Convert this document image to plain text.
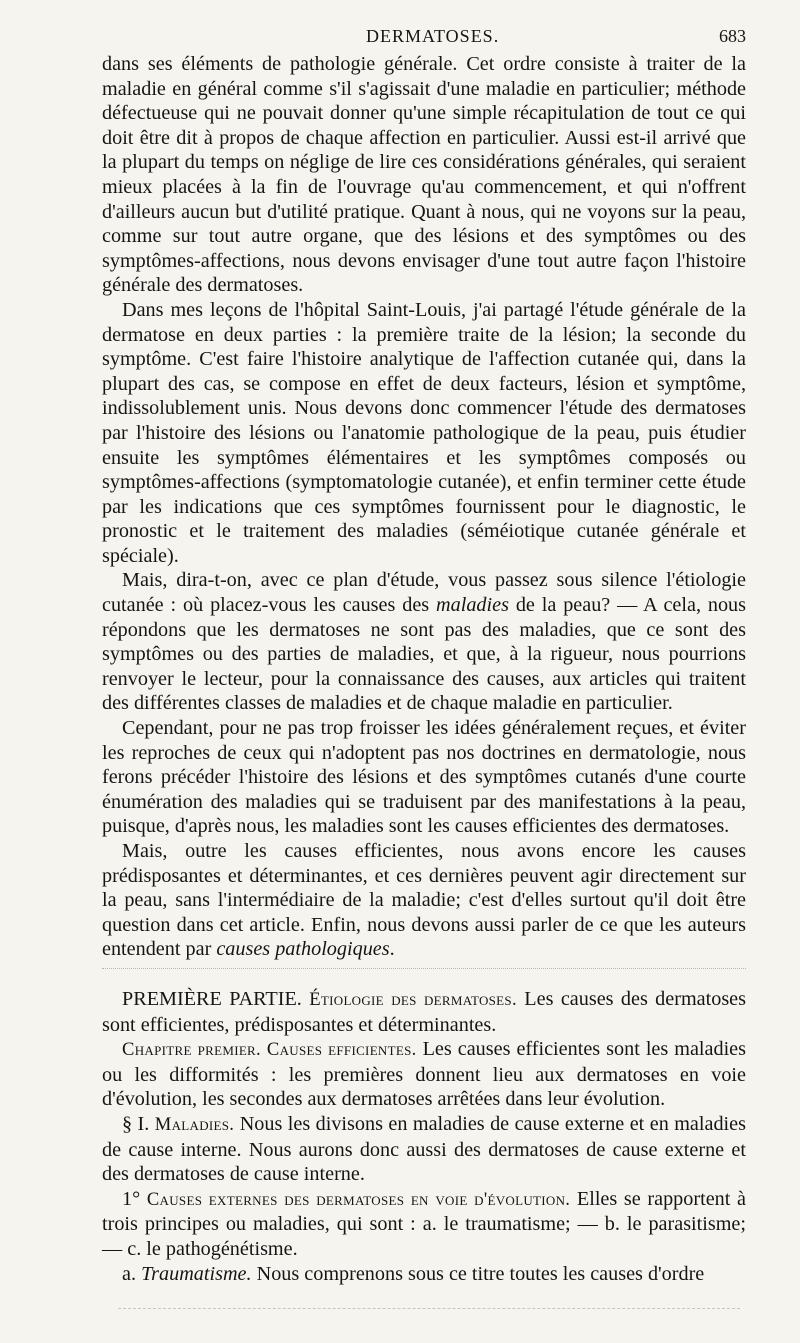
DERMATOSES.	683

dans ses éléments de pathologie générale. Cet ordre consiste à traiter de la maladie en général comme s'il s'agissait d'une maladie en particulier; méthode défectueuse qui ne pouvait donner qu'une simple récapitulation de tout ce qui doit être dit à propos de chaque affection en particulier. Aussi est-il arrivé que la plupart du temps on néglige de lire ces considérations générales, qui seraient mieux placées à la fin de l'ouvrage qu'au commencement, et qui n'offrent d'ailleurs aucun but d'utilité pratique. Quant à nous, qui ne voyons sur la peau, comme sur tout autre organe, que des lésions et des symptômes ou des symptômes-affections, nous devons envisager d'une tout autre façon l'histoire générale des dermatoses.

Dans mes leçons de l'hôpital Saint-Louis, j'ai partagé l'étude générale de la dermatose en deux parties : la première traite de la lésion; la seconde du symptôme. C'est faire l'histoire analytique de l'affection cutanée qui, dans la plupart des cas, se compose en effet de deux facteurs, lésion et symptôme, indissolublement unis. Nous devons donc commencer l'étude des dermatoses par l'histoire des lésions ou l'anatomie pathologique de la peau, puis étudier ensuite les symptômes élémentaires et les symptômes composés ou symptômes-affections (symptomatologie cutanée), et enfin terminer cette étude par les indications que ces symptômes fournissent pour le diagnostic, le pronostic et le traitement des maladies (séméiotique cutanée générale et spéciale).

Mais, dira-t-on, avec ce plan d'étude, vous passez sous silence l'étiologie cutanée : où placez-vous les causes des maladies de la peau? — A cela, nous répondons que les dermatoses ne sont pas des maladies, que ce sont des symptômes ou des parties de maladies, et que, à la rigueur, nous pourrions renvoyer le lecteur, pour la connaissance des causes, aux articles qui traitent des différentes classes de maladies et de chaque maladie en particulier.

Cependant, pour ne pas trop froisser les idées généralement reçues, et éviter les reproches de ceux qui n'adoptent pas nos doctrines en dermatologie, nous ferons précéder l'histoire des lésions et des symptômes cutanés d'une courte énumération des maladies qui se traduisent par des manifestations à la peau, puisque, d'après nous, les maladies sont les causes efficientes des dermatoses.

Mais, outre les causes efficientes, nous avons encore les causes prédisposantes et déterminantes, et ces dernières peuvent agir directement sur la peau, sans l'intermédiaire de la maladie; c'est d'elles surtout qu'il doit être question dans cet article. Enfin, nous devons aussi parler de ce que les auteurs entendent par causes pathologiques.

PREMIÈRE PARTIE. Étiologie des dermatoses. Les causes des dermatoses sont efficientes, prédisposantes et déterminantes.

Chapitre premier. Causes efficientes. Les causes efficientes sont les maladies ou les difformités : les premières donnent lieu aux dermatoses en voie d'évolution, les secondes aux dermatoses arrêtées dans leur évolution.

§ I. Maladies. Nous les divisons en maladies de cause externe et en maladies de cause interne. Nous aurons donc aussi des dermatoses de cause externe et des dermatoses de cause interne.

1° Causes externes des dermatoses en voie d'évolution. Elles se rapportent à trois principes ou maladies, qui sont : a. le traumatisme; — b. le parasitisme; — c. le pathogénétisme.

a. Traumatisme. Nous comprenons sous ce titre toutes les causes d'ordre
